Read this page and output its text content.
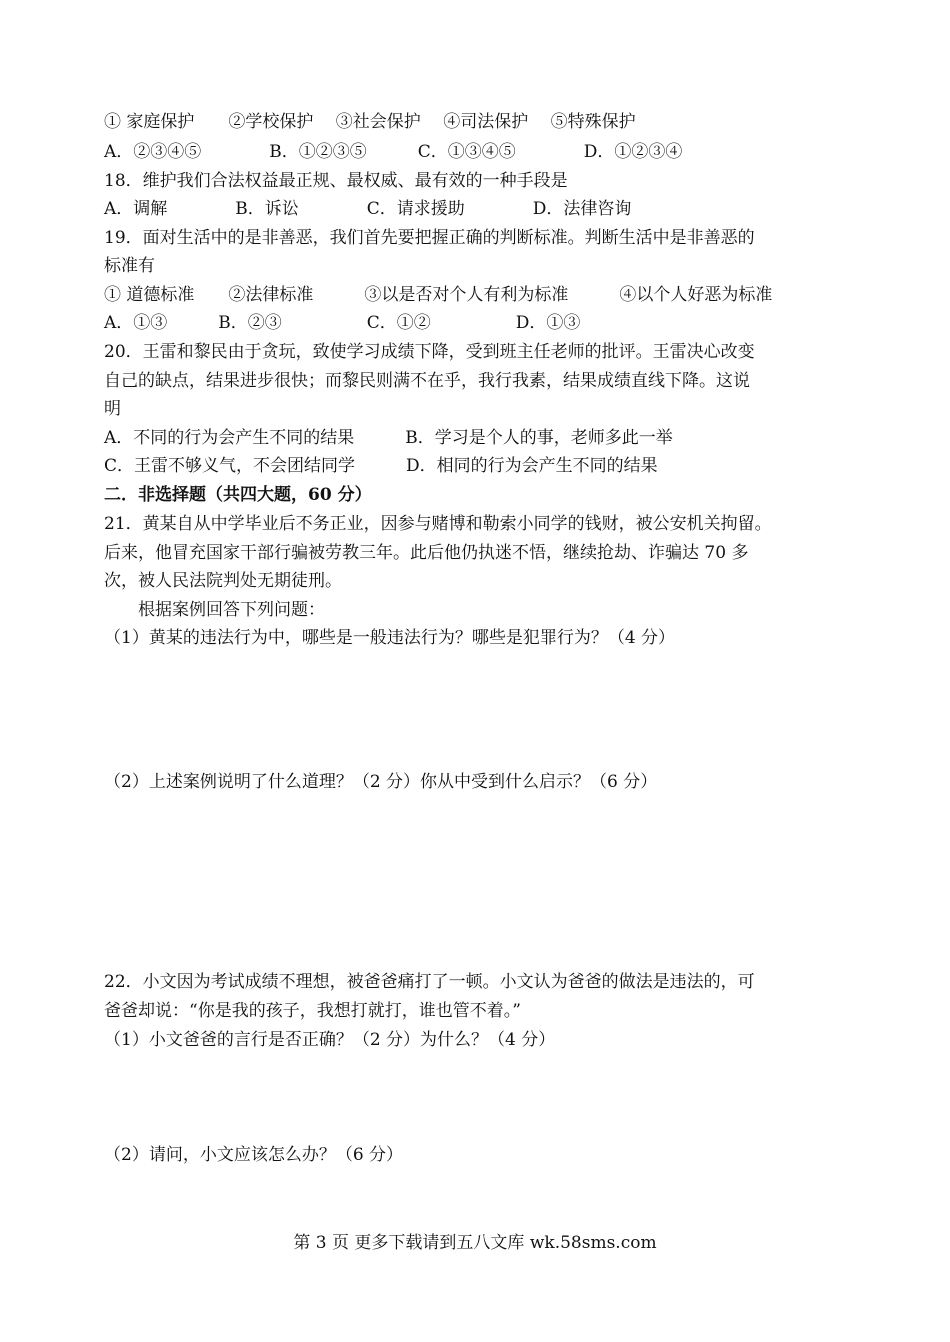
① 家庭保护　　②学校保护　 ③社会保护　 ④司法保护　 ⑤特殊保护
A．②③④⑤　　　　B．①②③⑤　　　C．①③④⑤　　　　D．①②③④
18．维护我们合法权益最正规、最权威、最有效的一种手段是
A．调解　　　　B．诉讼　　　　C．请求援助　　　　D．法律咨询
19．面对生活中的是非善恶，我们首先要把握正确的判断标准。判断生活中是非善恶的
标准有
① 道德标准　　②法律标准　　　③以是否对个人有利为标准　　　④以个人好恶为标准
A．①③　　　B．②③　　　　　C．①②　　　　　D．①③
20．王雷和黎民由于贪玩，致使学习成绩下降，受到班主任老师的批评。王雷决心改变
自己的缺点，结果进步很快；而黎民则满不在乎，我行我素，结果成绩直线下降。这说
明
A．不同的行为会产生不同的结果　　　B．学习是个人的事，老师多此一举
C．王雷不够义气，不会团结同学　　　D．相同的行为会产生不同的结果
二．非选择题（共四大题，60 分）
21．黄某自从中学毕业后不务正业，因参与赌博和勒索小同学的钱财，被公安机关拘留。
后来，他冒充国家干部行骗被劳教三年。此后他仍执迷不悟，继续抢劫、诈骗达 70 多
次，被人民法院判处无期徒刑。
　　根据案例回答下列问题：
（1）黄某的违法行为中，哪些是一般违法行为？哪些是犯罪行为？（4 分）
（2）上述案例说明了什么道理？（2 分）你从中受到什么启示？（6 分）
22．小文因为考试成绩不理想，被爸爸痛打了一顿。小文认为爸爸的做法是违法的，可
爸爸却说：“你是我的孩子，我想打就打，谁也管不着。”
（1）小文爸爸的言行是否正确？（2 分）为什么？（4 分）
（2）请问，小文应该怎么办？（6 分）
第 3 页 更多下载请到五八文库 wk.58sms.com
